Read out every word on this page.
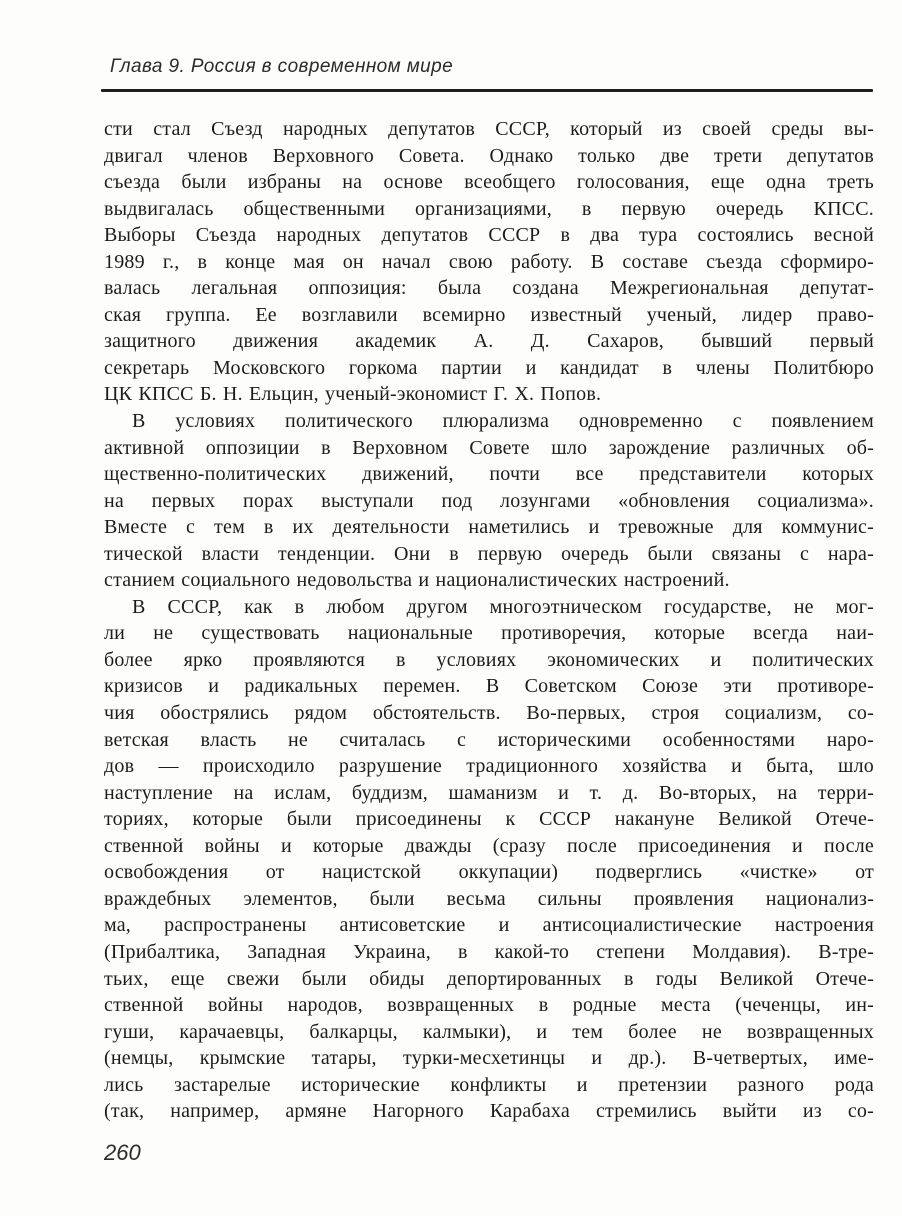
Глава 9. Россия в современном мире
сти стал Съезд народных депутатов СССР, который из своей среды вы-
двигал членов Верховного Совета. Однако только две трети депутатов
съезда были избраны на основе всеобщего голосования, еще одна треть
выдвигалась общественными организациями, в первую очередь КПСС.
Выборы Съезда народных депутатов СССР в два тура состоялись весной
1989 г., в конце мая он начал свою работу. В составе съезда сформиро-
валась легальная оппозиция: была создана Межрегиональная депутат-
ская группа. Ее возглавили всемирно известный ученый, лидер право-
защитного движения академик А. Д. Сахаров, бывший первый
секретарь Московского горкома партии и кандидат в члены Политбюро
ЦК КПСС Б. Н. Ельцин, ученый-экономист Г. Х. Попов.
В условиях политического плюрализма одновременно с появлением
активной оппозиции в Верховном Совете шло зарождение различных об-
щественно-политических движений, почти все представители которых
на первых порах выступали под лозунгами «обновления социализма».
Вместе с тем в их деятельности наметились и тревожные для коммунис-
тической власти тенденции. Они в первую очередь были связаны с нара-
станием социального недовольства и националистических настроений.
В СССР, как в любом другом многоэтническом государстве, не мог-
ли не существовать национальные противоречия, которые всегда наи-
более ярко проявляются в условиях экономических и политических
кризисов и радикальных перемен. В Советском Союзе эти противоре-
чия обострялись рядом обстоятельств. Во-первых, строя социализм, со-
ветская власть не считалась с историческими особенностями наро-
дов — происходило разрушение традиционного хозяйства и быта, шло
наступление на ислам, буддизм, шаманизм и т. д. Во-вторых, на терри-
ториях, которые были присоединены к СССР накануне Великой Отече-
ственной войны и которые дважды (сразу после присоединения и после
освобождения от нацистской оккупации) подверглись «чистке» от
враждебных элементов, были весьма сильны проявления национализ-
ма, распространены антисоветские и антисоциалистические настроения
(Прибалтика, Западная Украина, в какой-то степени Молдавия). В-тре-
тьих, еще свежи были обиды депортированных в годы Великой Отече-
ственной войны народов, возвращенных в родные места (чеченцы, ин-
гуши, карачаевцы, балкарцы, калмыки), и тем более не возвращенных
(немцы, крымские татары, турки-месхетинцы и др.). В-четвертых, име-
лись застарелые исторические конфликты и претензии разного рода
(так, например, армяне Нагорного Карабаха стремились выйти из со-
260
